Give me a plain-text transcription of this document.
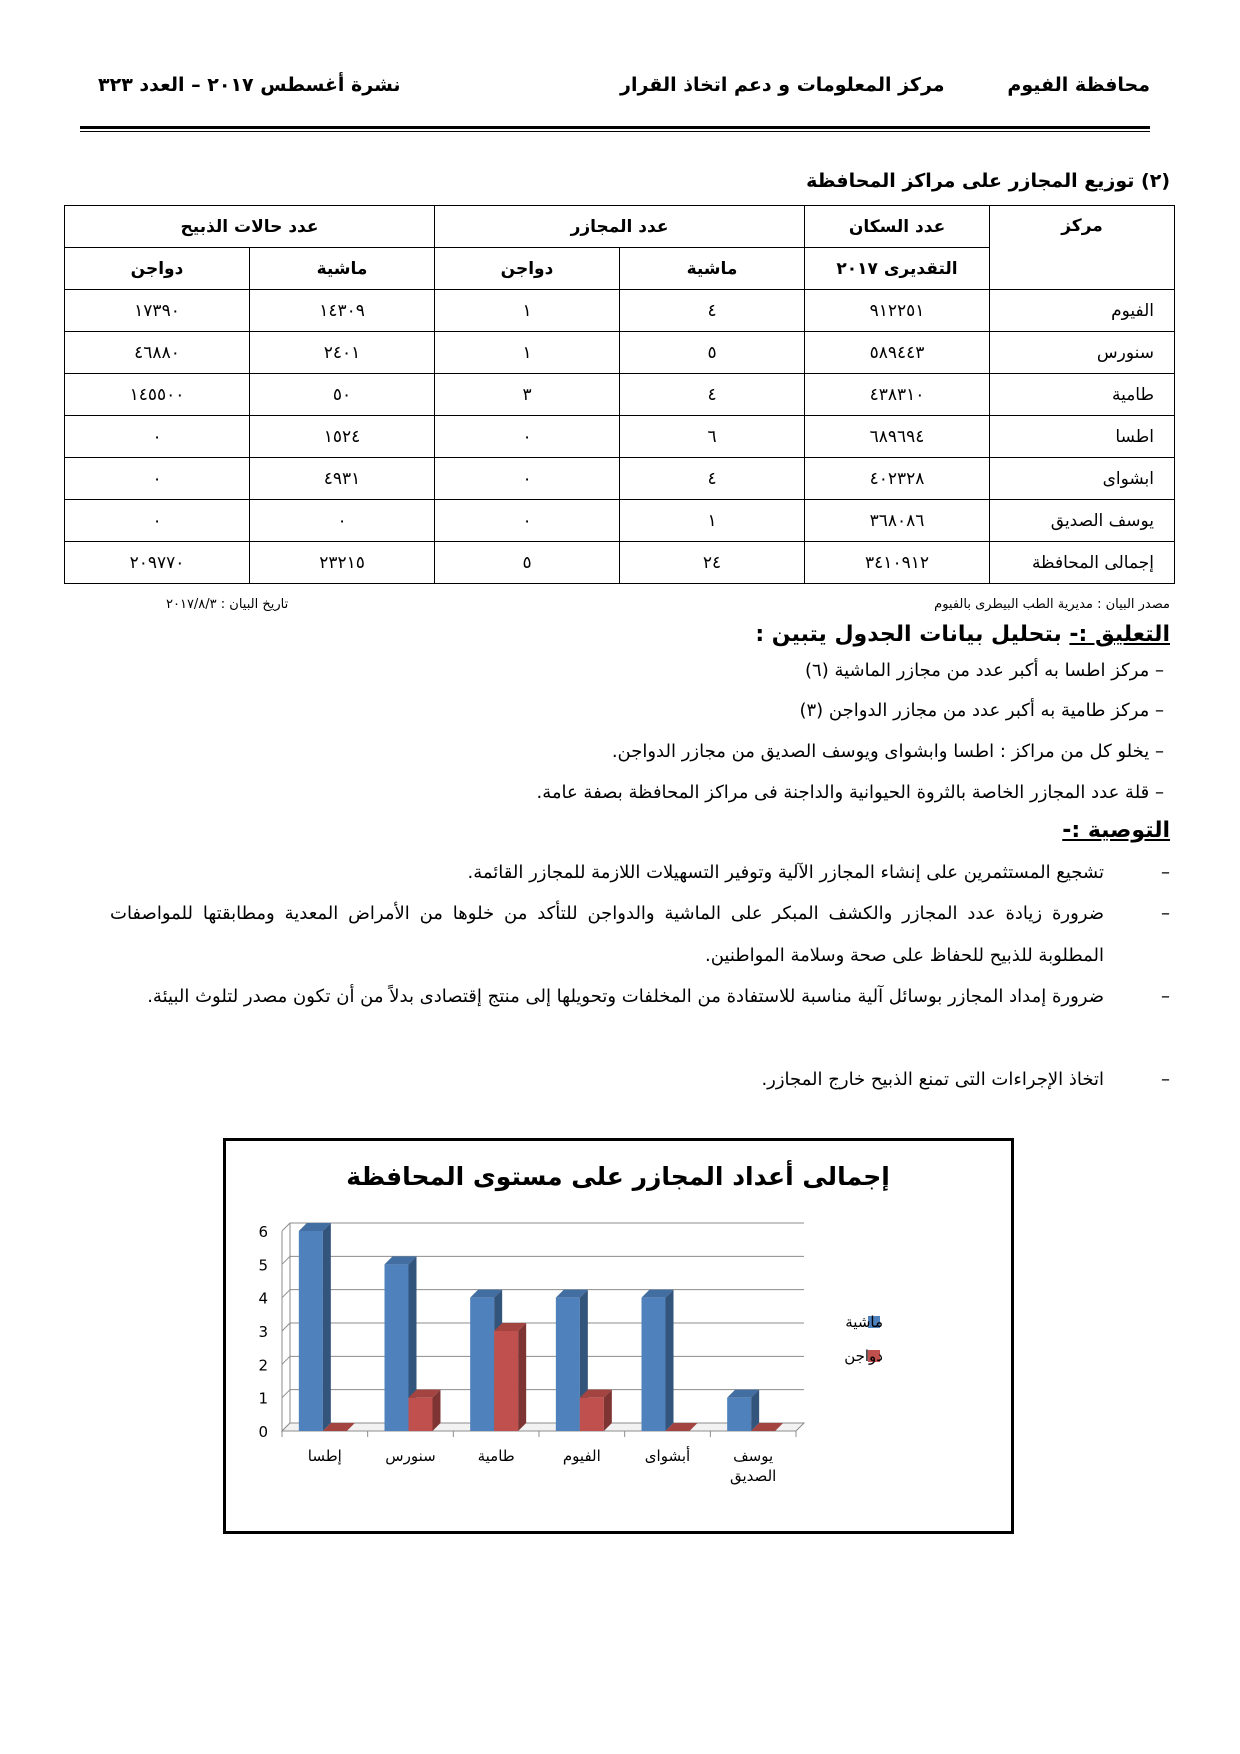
محافظة الفيوم
مركز المعلومات و دعم اتخاذ القرار
نشرة أغسطس ٢٠١٧ – العدد ٣٢٣
(٢) توزيع المجازر على مراكز المحافظة
مركز	عدد السكان	عدد المجازر		عدد حالات الذبيح	
	التقديرى ٢٠١٧	ماشية	دواجن	ماشية	دواجن
الفيوم	٩١٢٢٥١	٤	١	١٤٣٠٩	١٧٣٩٠
سنورس	٥٨٩٤٤٣	٥	١	٢٤٠١	٤٦٨٨٠
طامية	٤٣٨٣١٠	٤	٣	٥٠	١٤٥٥٠٠
اطسا	٦٨٩٦٩٤	٦	٠	١٥٢٤	٠
ابشواى	٤٠٢٣٢٨	٤	٠	٤٩٣١	٠
يوسف الصديق	٣٦٨٠٨٦	١	٠	٠	٠
إجمالى المحافظة	٣٤١٠٩١٢	٢٤	٥	٢٣٢١٥	٢٠٩٧٧٠
مصدر البيان : مديرية الطب البيطرى بالفيوم
تاريخ البيان : ٢٠١٧/٨/٣
التعليق :- بتحليل بيانات الجدول يتبين :
– مركز اطسا به أكبر عدد من مجازر الماشية (٦)
– مركز طامية به أكبر عدد من مجازر الدواجن (٣)
– يخلو كل من مراكز : اطسا وابشواى ويوسف الصديق من مجازر الدواجن.
– قلة عدد المجازر الخاصة بالثروة الحيوانية والداجنة فى مراكز المحافظة بصفة عامة.
التوصية :-
–
تشجيع المستثمرين على إنشاء المجازر الآلية وتوفير التسهيلات اللازمة للمجازر القائمة.
–
ضرورة زيادة عدد المجازر والكشف المبكر على الماشية والدواجن للتأكد من خلوها من الأمراض المعدية ومطابقتها للمواصفات المطلوبة للذبيح للحفاظ على صحة وسلامة المواطنين.
–
ضرورة إمداد المجازر بوسائل آلية مناسبة للاستفادة من المخلفات وتحويلها إلى منتج إقتصادى بدلاً من أن تكون مصدر لتلوث البيئة.
–
اتخاذ الإجراءات التى تمنع الذبيح خارج المجازر.
إجمالى أعداد المجازر على مستوى المحافظة
0
1
2
3
4
5
6
إطسا	سنورس	طامية	الفيوم	أبشواى	يوسف
الصديق
ماشية
دواجن
